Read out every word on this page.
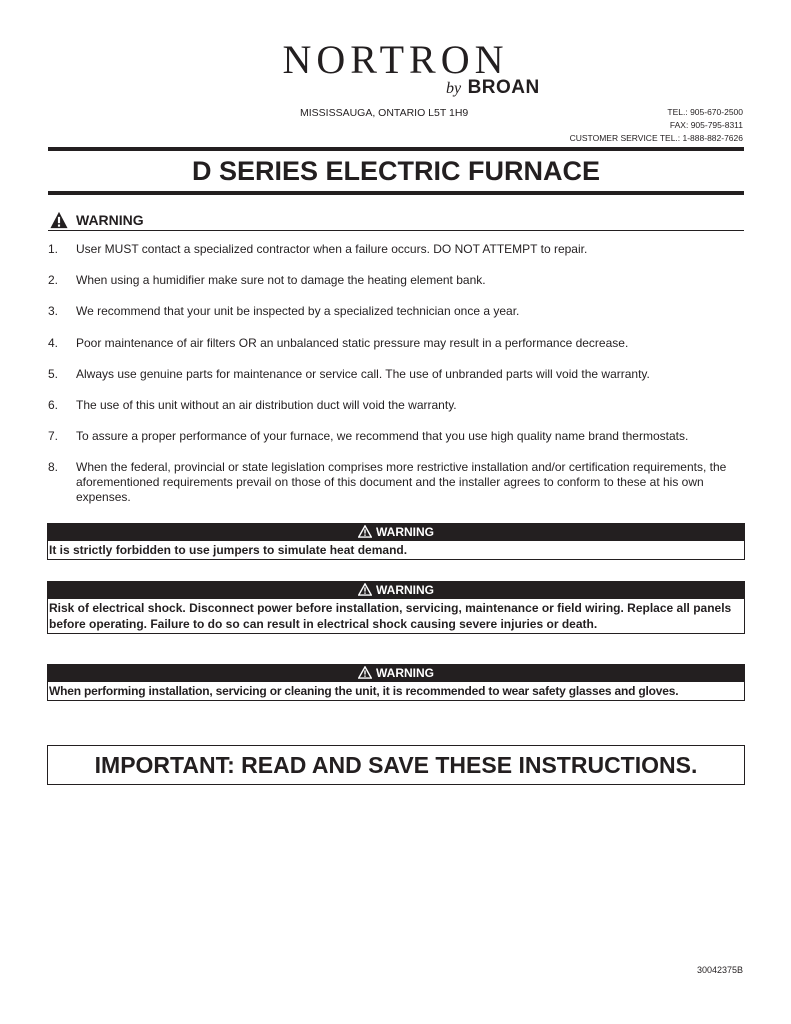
NORTRON
by BROAN
MISSISSAUGA, ONTARIO L5T 1H9	TEL.: 905-670-2500
FAX: 905-795-8311
CUSTOMER SERVICE TEL.: 1-888-882-7626
D SERIES ELECTRIC FURNACE
WARNING
1. User MUST contact a specialized contractor when a failure occurs. DO NOT ATTEMPT to repair.
2. When using a humidifier make sure not to damage the heating element bank.
3. We recommend that your unit be inspected by a specialized technician once a year.
4. Poor maintenance of air filters OR an unbalanced static pressure may result in a performance decrease.
5. Always use genuine parts for maintenance or service call. The use of unbranded parts will void the warranty.
6. The use of this unit without an air distribution duct will void the warranty.
7. To assure a proper performance of your furnace, we recommend that you use high quality name brand thermostats.
8. When the federal, provincial or state legislation comprises more restrictive installation and/or certification requirements, the aforementioned requirements prevail on those of this document and the installer agrees to conform to these at his own expenses.
WARNING
It is strictly forbidden to use jumpers to simulate heat demand.
WARNING
Risk of electrical shock. Disconnect power before installation, servicing, maintenance or field wiring. Replace all panels before operating. Failure to do so can result in electrical shock causing severe injuries or death.
WARNING
When performing installation, servicing or cleaning the unit, it is recommended to wear safety glasses and gloves.
IMPORTANT: READ AND SAVE THESE INSTRUCTIONS.
30042375B
